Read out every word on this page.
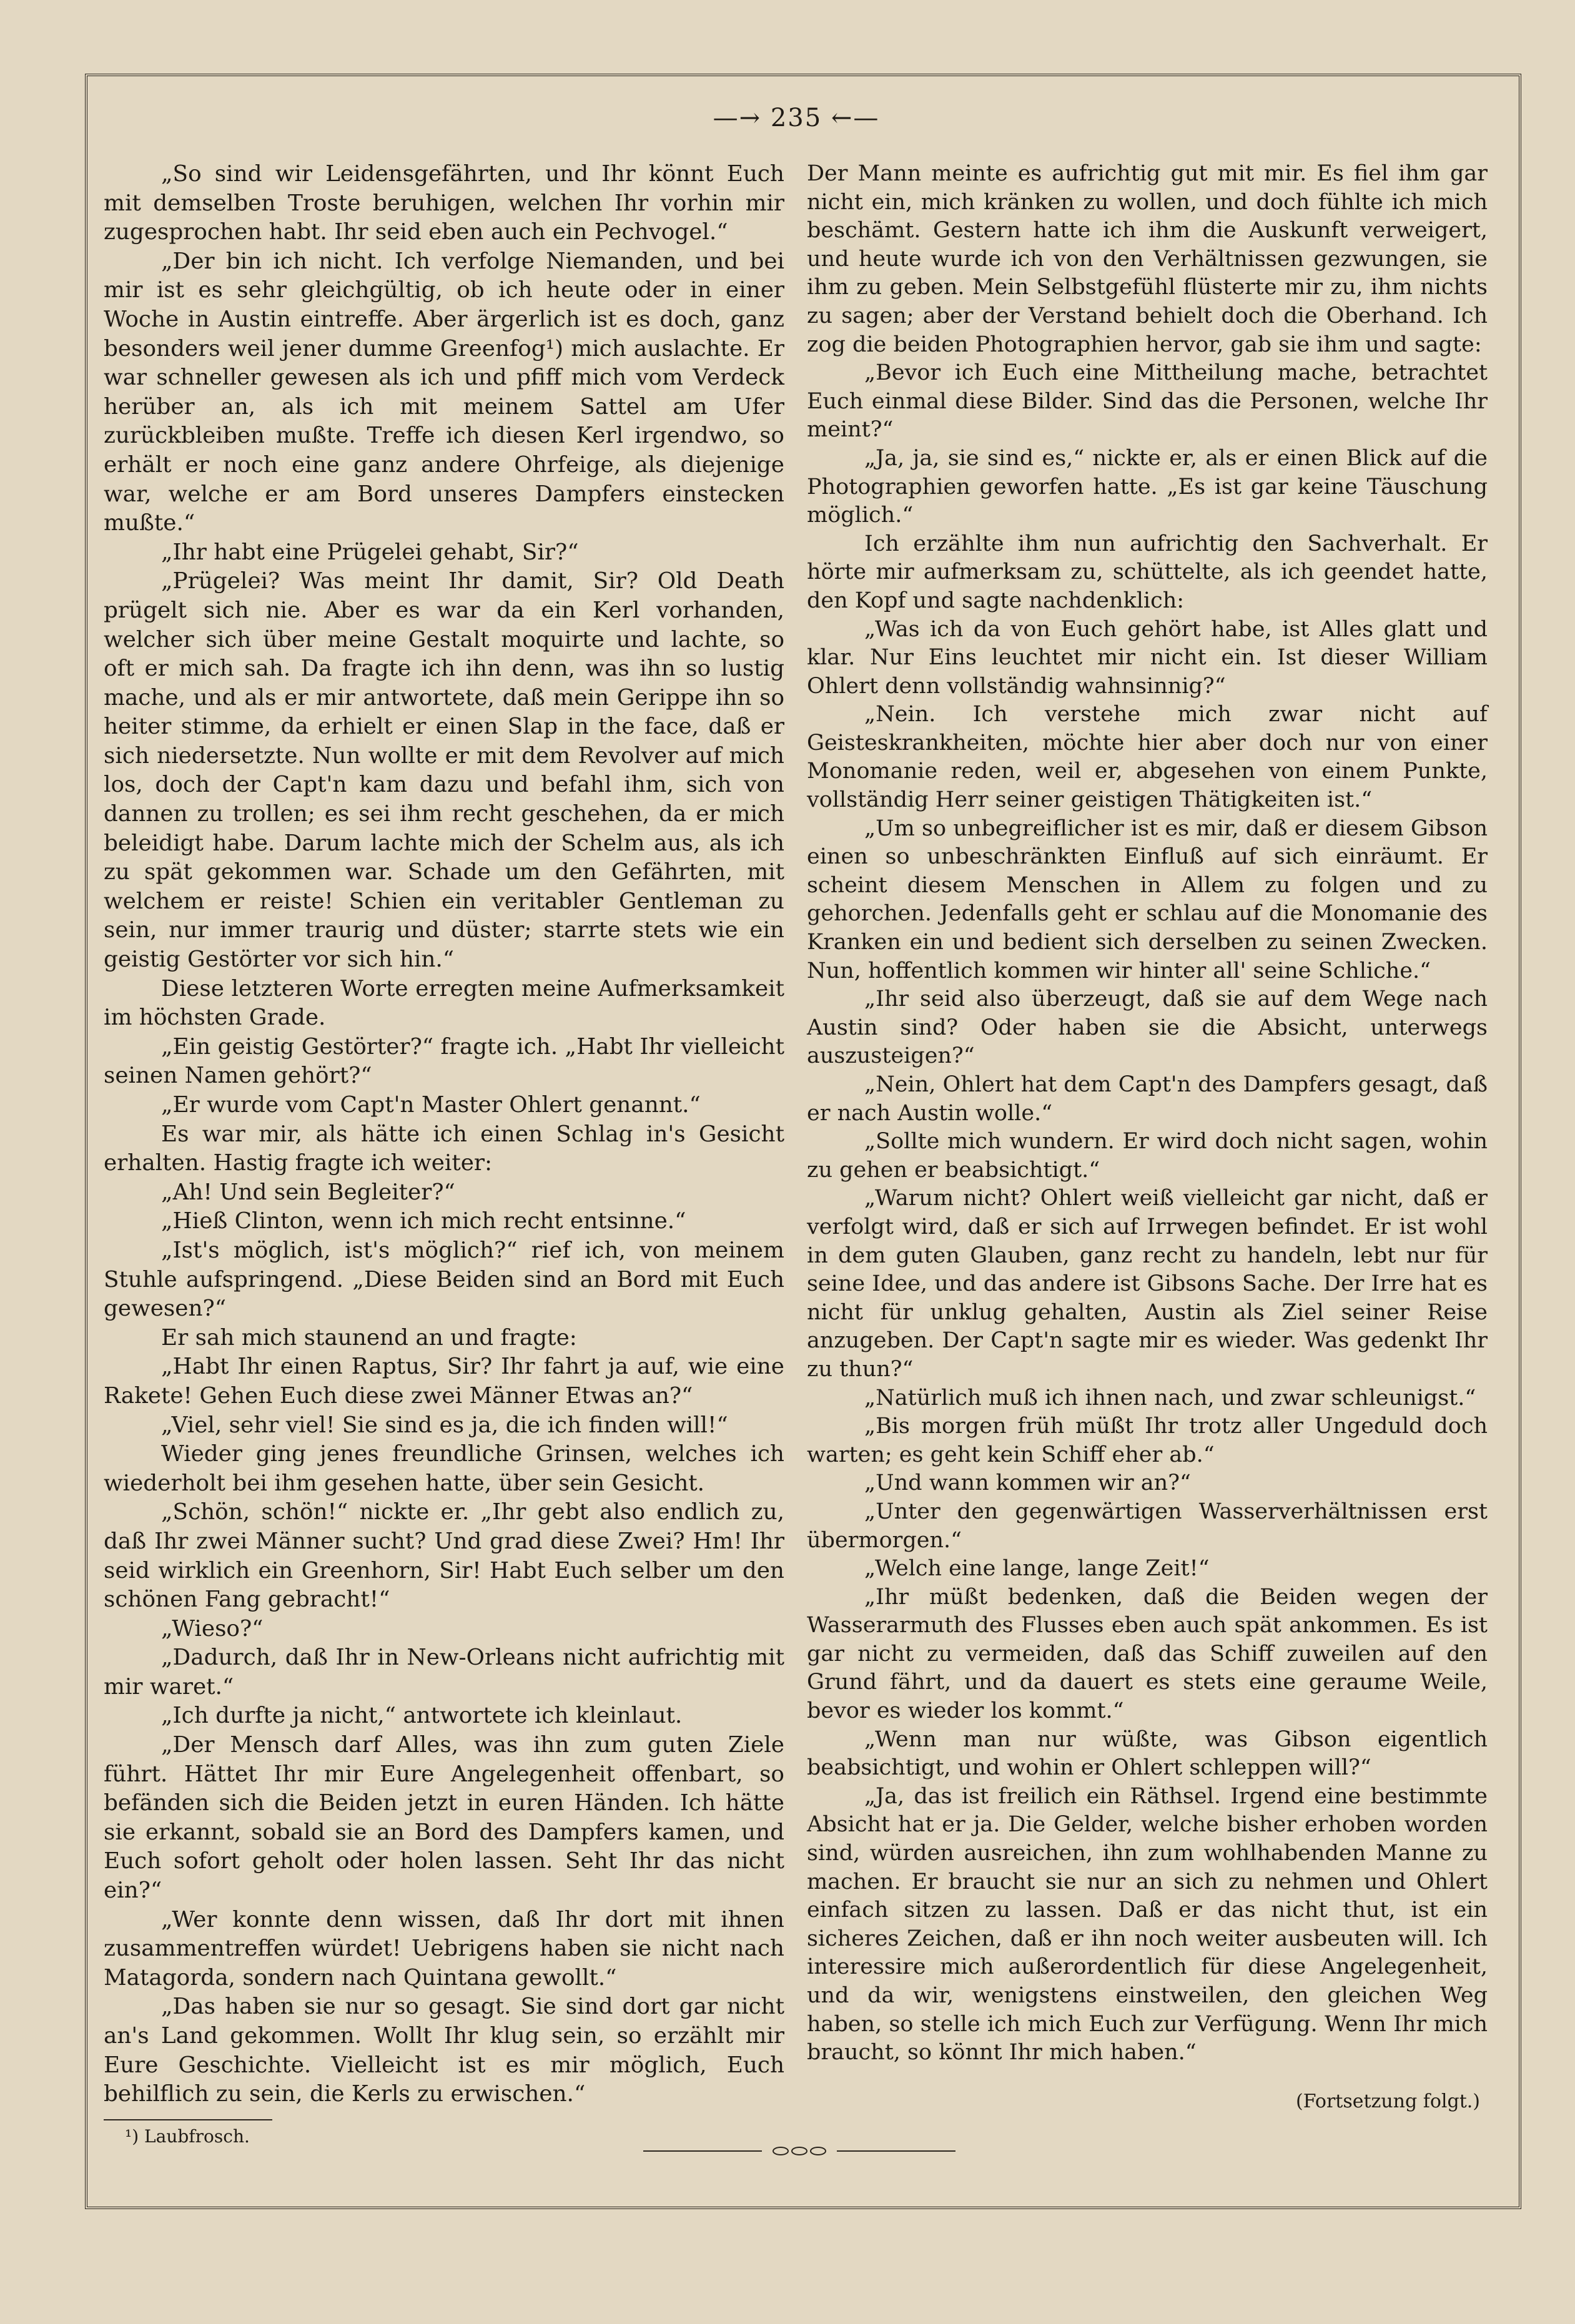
—→ 235 ←—

„So sind wir Leidensgefährten, und Ihr könnt Euch mit demselben Troste beruhigen, welchen Ihr vorhin mir zugesprochen habt. Ihr seid eben auch ein Pechvogel.“

„Der bin ich nicht. Ich verfolge Niemanden, und bei mir ist es sehr gleichgültig, ob ich heute oder in einer Woche in Austin eintreffe. Aber ärgerlich ist es doch, ganz besonders weil jener dumme Greenfog¹) mich auslachte. Er war schneller gewesen als ich und pfiff mich vom Verdeck herüber an, als ich mit meinem Sattel am Ufer zurückbleiben mußte. Treffe ich diesen Kerl irgendwo, so erhält er noch eine ganz andere Ohrfeige, als diejenige war, welche er am Bord unseres Dampfers einstecken mußte.“

„Ihr habt eine Prügelei gehabt, Sir?“

„Prügelei? Was meint Ihr damit, Sir? Old Death prügelt sich nie. Aber es war da ein Kerl vorhanden, welcher sich über meine Gestalt moquirte und lachte, so oft er mich sah. Da fragte ich ihn denn, was ihn so lustig mache, und als er mir antwortete, daß mein Gerippe ihn so heiter stimme, da erhielt er einen Slap in the face, daß er sich niedersetzte. Nun wollte er mit dem Revolver auf mich los, doch der Capt'n kam dazu und befahl ihm, sich von dannen zu trollen; es sei ihm recht geschehen, da er mich beleidigt habe. Darum lachte mich der Schelm aus, als ich zu spät gekommen war. Schade um den Gefährten, mit welchem er reiste! Schien ein veritabler Gentleman zu sein, nur immer traurig und düster; starrte stets wie ein geistig Gestörter vor sich hin.“

Diese letzteren Worte erregten meine Aufmerksamkeit im höchsten Grade.

„Ein geistig Gestörter?“ fragte ich. „Habt Ihr vielleicht seinen Namen gehört?“

„Er wurde vom Capt'n Master Ohlert genannt.“

Es war mir, als hätte ich einen Schlag in's Gesicht erhalten. Hastig fragte ich weiter:

„Ah! Und sein Begleiter?“

„Hieß Clinton, wenn ich mich recht entsinne.“

„Ist's möglich, ist's möglich?“ rief ich, von meinem Stuhle aufspringend. „Diese Beiden sind an Bord mit Euch gewesen?“

Er sah mich staunend an und fragte:

„Habt Ihr einen Raptus, Sir? Ihr fahrt ja auf, wie eine Rakete! Gehen Euch diese zwei Männer Etwas an?“

„Viel, sehr viel! Sie sind es ja, die ich finden will!“

Wieder ging jenes freundliche Grinsen, welches ich wiederholt bei ihm gesehen hatte, über sein Gesicht.

„Schön, schön!“ nickte er. „Ihr gebt also endlich zu, daß Ihr zwei Männer sucht? Und grad diese Zwei? Hm! Ihr seid wirklich ein Greenhorn, Sir! Habt Euch selber um den schönen Fang gebracht!“

„Wieso?“

„Dadurch, daß Ihr in New-Orleans nicht aufrichtig mit mir waret.“

„Ich durfte ja nicht,“ antwortete ich kleinlaut.

„Der Mensch darf Alles, was ihn zum guten Ziele führt. Hättet Ihr mir Eure Angelegenheit offenbart, so befänden sich die Beiden jetzt in euren Händen. Ich hätte sie erkannt, sobald sie an Bord des Dampfers kamen, und Euch sofort geholt oder holen lassen. Seht Ihr das nicht ein?“

„Wer konnte denn wissen, daß Ihr dort mit ihnen zusammentreffen würdet! Uebrigens haben sie nicht nach Matagorda, sondern nach Quintana gewollt.“

„Das haben sie nur so gesagt. Sie sind dort gar nicht an's Land gekommen. Wollt Ihr klug sein, so erzählt mir Eure Geschichte. Vielleicht ist es mir möglich, Euch behilflich zu sein, die Kerls zu erwischen.“

Der Mann meinte es aufrichtig gut mit mir. Es fiel ihm gar nicht ein, mich kränken zu wollen, und doch fühlte ich mich beschämt. Gestern hatte ich ihm die Auskunft verweigert, und heute wurde ich von den Verhältnissen gezwungen, sie ihm zu geben. Mein Selbstgefühl flüsterte mir zu, ihm nichts zu sagen; aber der Verstand behielt doch die Oberhand. Ich zog die beiden Photographien hervor, gab sie ihm und sagte:

„Bevor ich Euch eine Mittheilung mache, betrachtet Euch einmal diese Bilder. Sind das die Personen, welche Ihr meint?“

„Ja, ja, sie sind es,“ nickte er, als er einen Blick auf die Photographien geworfen hatte. „Es ist gar keine Täuschung möglich.“

Ich erzählte ihm nun aufrichtig den Sachverhalt. Er hörte mir aufmerksam zu, schüttelte, als ich geendet hatte, den Kopf und sagte nachdenklich:

„Was ich da von Euch gehört habe, ist Alles glatt und klar. Nur Eins leuchtet mir nicht ein. Ist dieser William Ohlert denn vollständig wahnsinnig?“

„Nein. Ich verstehe mich zwar nicht auf Geisteskrankheiten, möchte hier aber doch nur von einer Monomanie reden, weil er, abgesehen von einem Punkte, vollständig Herr seiner geistigen Thätigkeiten ist.“

„Um so unbegreiflicher ist es mir, daß er diesem Gibson einen so unbeschränkten Einfluß auf sich einräumt. Er scheint diesem Menschen in Allem zu folgen und zu gehorchen. Jedenfalls geht er schlau auf die Monomanie des Kranken ein und bedient sich derselben zu seinen Zwecken. Nun, hoffentlich kommen wir hinter all' seine Schliche.“

„Ihr seid also überzeugt, daß sie auf dem Wege nach Austin sind? Oder haben sie die Absicht, unterwegs auszusteigen?“

„Nein, Ohlert hat dem Capt'n des Dampfers gesagt, daß er nach Austin wolle.“

„Sollte mich wundern. Er wird doch nicht sagen, wohin zu gehen er beabsichtigt.“

„Warum nicht? Ohlert weiß vielleicht gar nicht, daß er verfolgt wird, daß er sich auf Irrwegen befindet. Er ist wohl in dem guten Glauben, ganz recht zu handeln, lebt nur für seine Idee, und das andere ist Gibsons Sache. Der Irre hat es nicht für unklug gehalten, Austin als Ziel seiner Reise anzugeben. Der Capt'n sagte mir es wieder. Was gedenkt Ihr zu thun?“

„Natürlich muß ich ihnen nach, und zwar schleunigst.“

„Bis morgen früh müßt Ihr trotz aller Ungeduld doch warten; es geht kein Schiff eher ab.“

„Und wann kommen wir an?“

„Unter den gegenwärtigen Wasserverhältnissen erst übermorgen.“

„Welch eine lange, lange Zeit!“

„Ihr müßt bedenken, daß die Beiden wegen der Wasserarmuth des Flusses eben auch spät ankommen. Es ist gar nicht zu vermeiden, daß das Schiff zuweilen auf den Grund fährt, und da dauert es stets eine geraume Weile, bevor es wieder los kommt.“

„Wenn man nur wüßte, was Gibson eigentlich beabsichtigt, und wohin er Ohlert schleppen will?“

„Ja, das ist freilich ein Räthsel. Irgend eine bestimmte Absicht hat er ja. Die Gelder, welche bisher erhoben worden sind, würden ausreichen, ihn zum wohlhabenden Manne zu machen. Er braucht sie nur an sich zu nehmen und Ohlert einfach sitzen zu lassen. Daß er das nicht thut, ist ein sicheres Zeichen, daß er ihn noch weiter ausbeuten will. Ich interessire mich außerordentlich für diese Angelegenheit, und da wir, wenigstens einstweilen, den gleichen Weg haben, so stelle ich mich Euch zur Verfügung. Wenn Ihr mich braucht, so könnt Ihr mich haben.“

(Fortsetzung folgt.)
¹) Laubfrosch.
